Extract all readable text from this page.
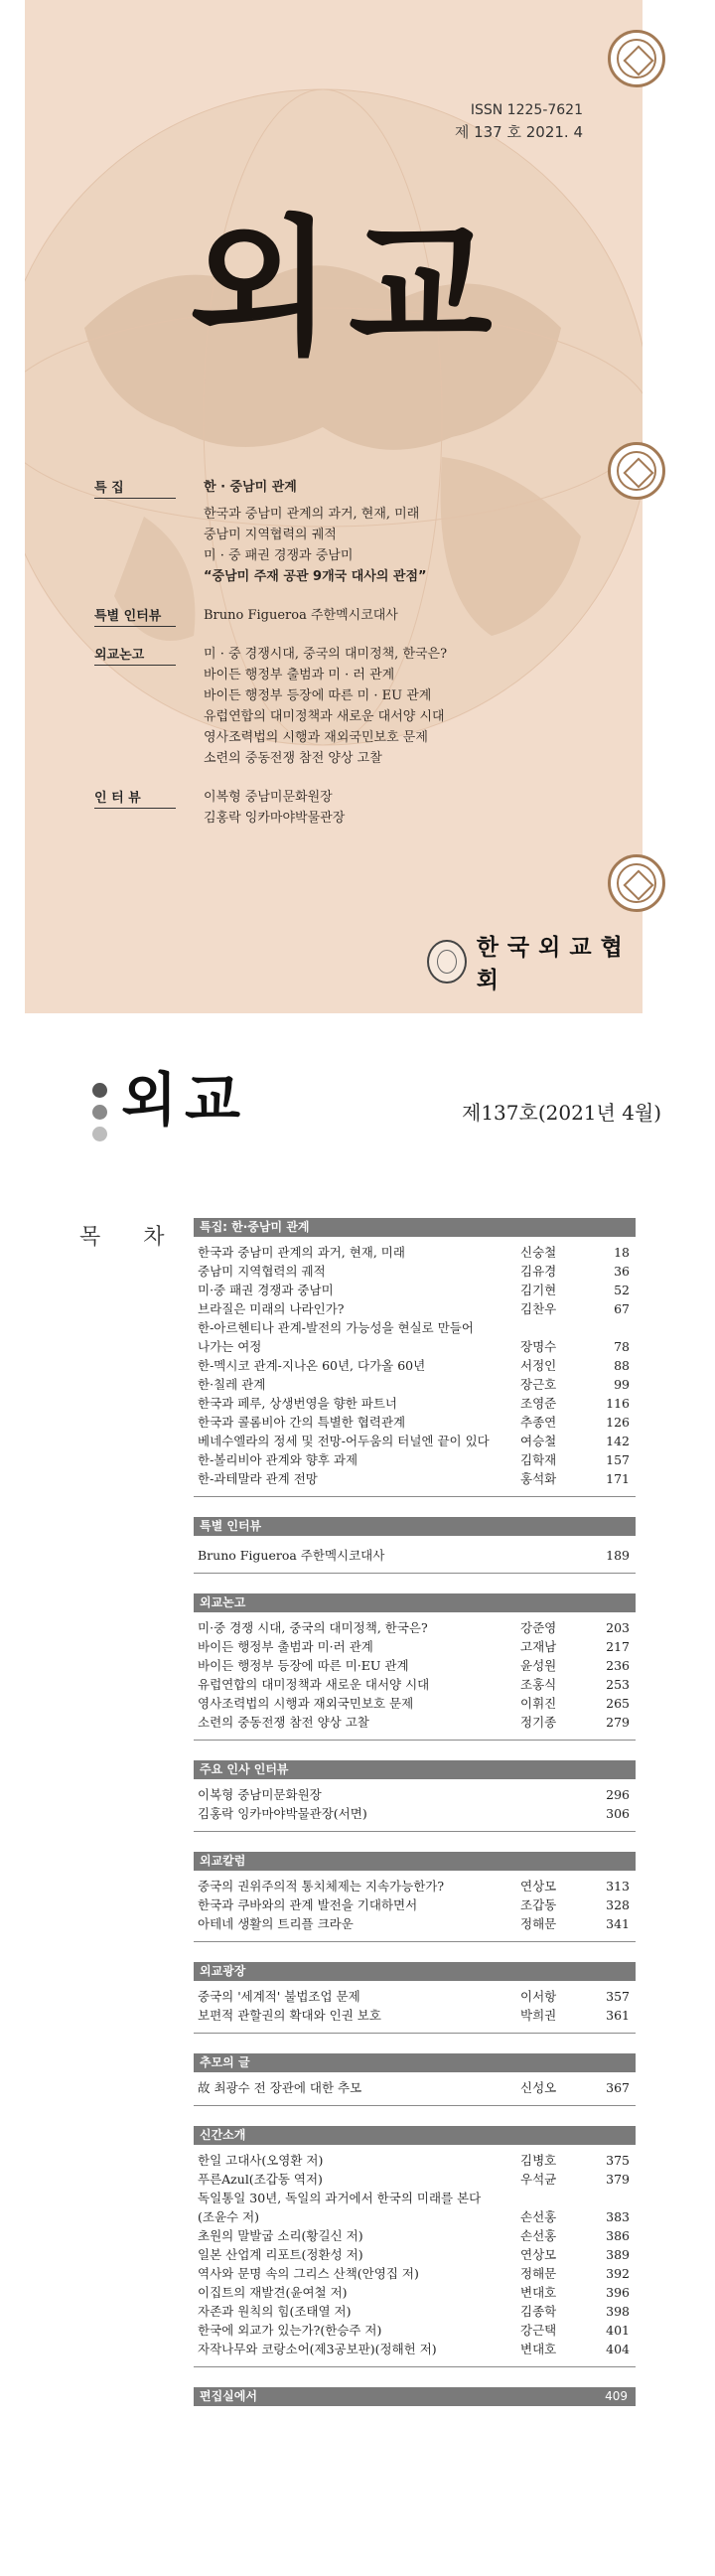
ISSN 1225-7621
제 137 호 2021. 4
외교
특 집	한 · 중남미 관계
한국과 중남미 관계의 과거, 현재, 미래
중남미 지역협력의 궤적
미 · 중 패권 경쟁과 중남미
“중남미 주재 공관 9개국 대사의 관점”
특별 인터뷰	Bruno Figueroa 주한멕시코대사
외교논고	미 · 중 경쟁시대, 중국의 대미정책, 한국은?
바이든 행정부 출범과 미 · 러 관계
바이든 행정부 등장에 따른 미 · EU 관계
유럽연합의 대미정책과 새로운 대서양 시대
영사조력법의 시행과 재외국민보호 문제
소련의 중동전쟁 참전 양상 고찰
인 터 뷰	이복형 중남미문화원장
김홍락 잉카마야박물관장
한국외교협회
외교	제137호(2021년 4월)
목 차	특집: 한·중남미 관계
한국과 중남미 관계의 과거, 현재, 미래	신숭철	18
중남미 지역협력의 궤적	김유경	36
미·중 패권 경쟁과 중남미	김기현	52
브라질은 미래의 나라인가?	김찬우	67
한-아르헨티나 관계-발전의 가능성을 현실로 만들어
나가는 여정	장명수	78
한-멕시코 관계-지나온 60년, 다가올 60년	서정인	88
한·칠레 관계	장근호	99
한국과 페루, 상생번영을 향한 파트너	조영준	116
한국과 콜롬비아 간의 특별한 협력관계	추종연	126
베네수엘라의 정세 및 전망-어두움의 터널엔 끝이 있다	여승철	142
한-볼리비아 관계와 향후 과제	김학재	157
한-과테말라 관계 전망	홍석화	171
특별 인터뷰
Bruno Figueroa 주한멕시코대사	189
외교논고
미·중 경쟁 시대, 중국의 대미정책, 한국은?	강준영	203
바이든 행정부 출범과 미·러 관계	고재남	217
바이든 행정부 등장에 따른 미·EU 관계	윤성원	236
유럽연합의 대미정책과 새로운 대서양 시대	조홍식	253
영사조력법의 시행과 재외국민보호 문제	이휘진	265
소련의 중동전쟁 참전 양상 고찰	정기종	279
주요 인사 인터뷰
이복형 중남미문화원장	296
김홍락 잉카마야박물관장(서면)	306
외교칼럼
중국의 권위주의적 통치체제는 지속가능한가?	연상모	313
한국과 쿠바와의 관계 발전을 기대하면서	조갑동	328
아테네 생활의 트리플 크라운	정해문	341
외교광장
중국의 '세계적' 불법조업 문제	이서항	357
보편적 관할권의 확대와 인권 보호	박희권	361
추모의 글
故 최광수 전 장관에 대한 추모	신성오	367
신간소개
한일 고대사(오영환 저)	김병호	375
푸른Azul(조갑동 역저)	우석균	379
독일통일 30년, 독일의 과거에서 한국의 미래를 본다
(조윤수 저)	손선홍	383
초원의 말발굽 소리(황길신 저)	손선홍	386
일본 산업계 리포트(정환성 저)	연상모	389
역사와 문명 속의 그리스 산책(안영집 저)	정해문	392
이집트의 재발견(윤여철 저)	변대호	396
자존과 원칙의 힘(조태열 저)	김종학	398
한국에 외교가 있는가?(한승주 저)	강근택	401
자작나무와 코랑소어(제3공보판)(정해헌 저)	변대호	404
편집실에서	409
